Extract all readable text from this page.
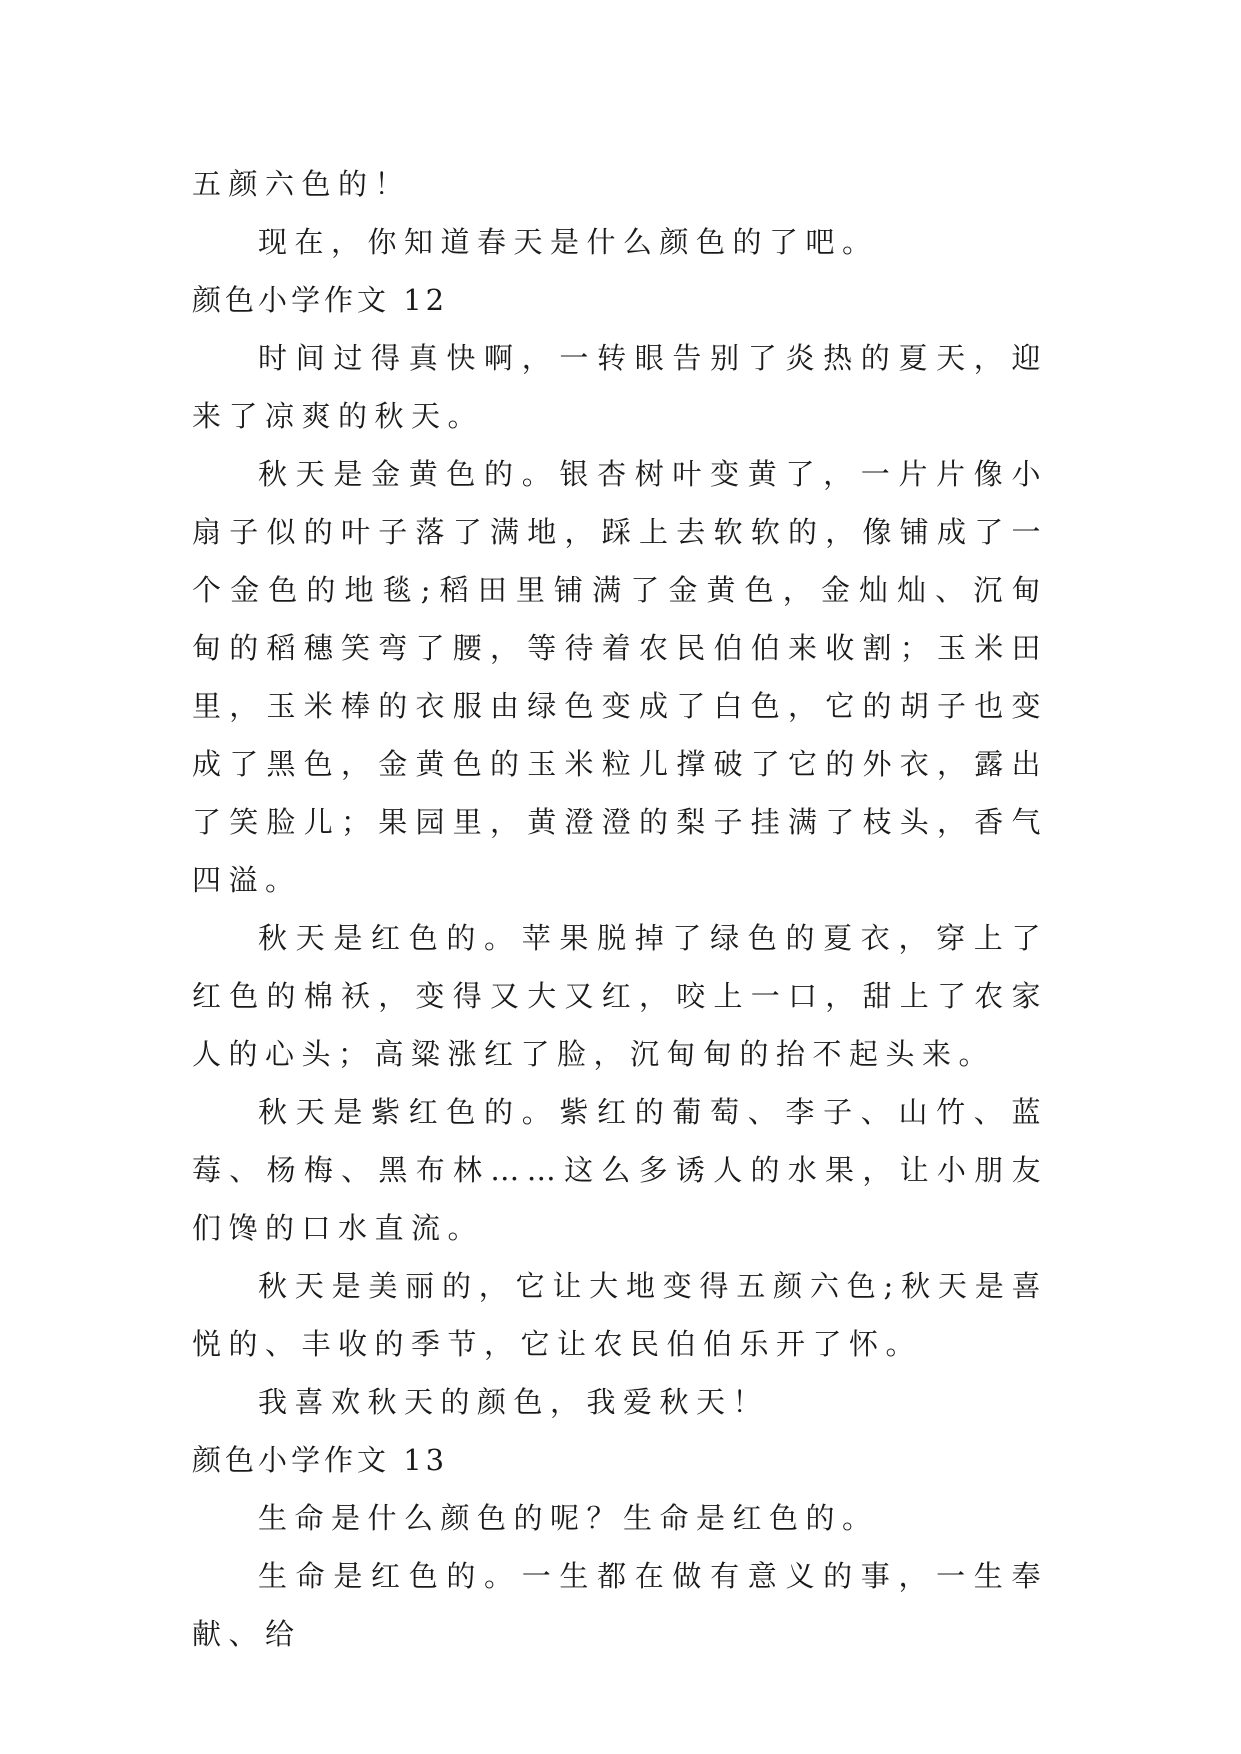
五颜六色的！

现在，你知道春天是什么颜色的了吧。

颜色小学作文 12

时间过得真快啊，一转眼告别了炎热的夏天，迎来了凉爽的秋天。

秋天是金黄色的。银杏树叶变黄了，一片片像小扇子似的叶子落了满地，踩上去软软的，像铺成了一个金色的地毯;稻田里铺满了金黄色，金灿灿、沉甸甸的稻穗笑弯了腰，等待着农民伯伯来收割；玉米田里，玉米棒的衣服由绿色变成了白色，它的胡子也变成了黑色，金黄色的玉米粒儿撑破了它的外衣，露出了笑脸儿；果园里，黄澄澄的梨子挂满了枝头，香气四溢。

秋天是红色的。苹果脱掉了绿色的夏衣，穿上了红色的棉袄，变得又大又红，咬上一口，甜上了农家人的心头；高粱涨红了脸，沉甸甸的抬不起头来。

秋天是紫红色的。紫红的葡萄、李子、山竹、蓝莓、杨梅、黑布林……这么多诱人的水果，让小朋友们馋的口水直流。

秋天是美丽的，它让大地变得五颜六色;秋天是喜悦的、丰收的季节，它让农民伯伯乐开了怀。

我喜欢秋天的颜色，我爱秋天！

颜色小学作文 13

生命是什么颜色的呢？生命是红色的。

生命是红色的。一生都在做有意义的事，一生奉献、给
